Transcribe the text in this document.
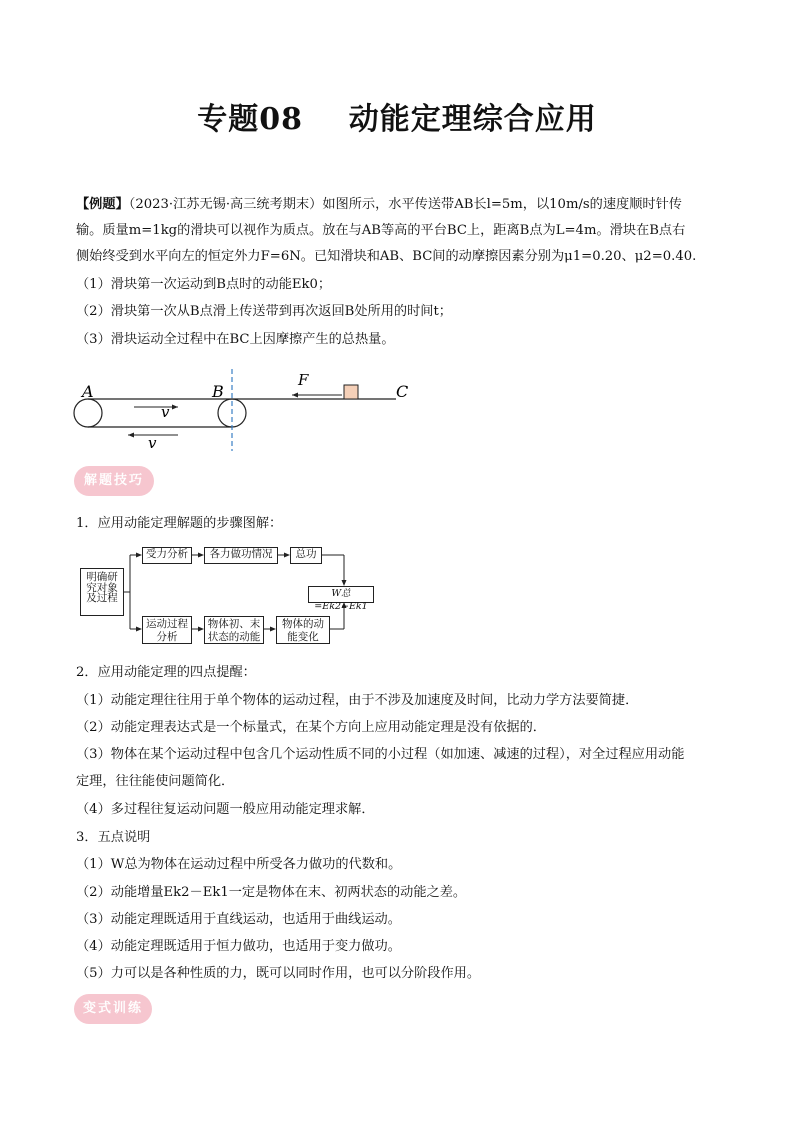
专题08    动能定理综合应用
【例题】（2023·江苏无锡·高三统考期末）如图所示，水平传送带AB长l=5m，以10m/s的速度顺时针传
输。质量m=1kg的滑块可以视作为质点。放在与AB等高的平台BC上，距离B点为L=4m。滑块在B点右
侧始终受到水平向左的恒定外力F=6N。已知滑块和AB、BC间的动摩擦因素分别为μ1=0.20、μ2=0.40.
（1）滑块第一次运动到B点时的动能Ek0；
（2）滑块第一次从B点滑上传送带到再次返回B处所用的时间t；
（3）滑块运动全过程中在BC上因摩擦产生的总热量。
A	B	C
F
v
v
解题技巧
1．应用动能定理解题的步骤图解：
明确研究对象及过程
受力分析	各力做功情况	总功
运动过程分析
物体初、末状态的动能
物体的动能变化
W总=Ek2−Ek1
2．应用动能定理的四点提醒：
（1）动能定理往往用于单个物体的运动过程，由于不涉及加速度及时间，比动力学方法要简捷．
（2）动能定理表达式是一个标量式，在某个方向上应用动能定理是没有依据的．
（3）物体在某个运动过程中包含几个运动性质不同的小过程（如加速、减速的过程），对全过程应用动能
定理，往往能使问题简化．
（4）多过程往复运动问题一般应用动能定理求解．
3．五点说明
（1）W总为物体在运动过程中所受各力做功的代数和。
（2）动能增量Ek2－Ek1一定是物体在末、初两状态的动能之差。
（3）动能定理既适用于直线运动，也适用于曲线运动。
（4）动能定理既适用于恒力做功，也适用于变力做功。
（5）力可以是各种性质的力，既可以同时作用，也可以分阶段作用。
变式训练
